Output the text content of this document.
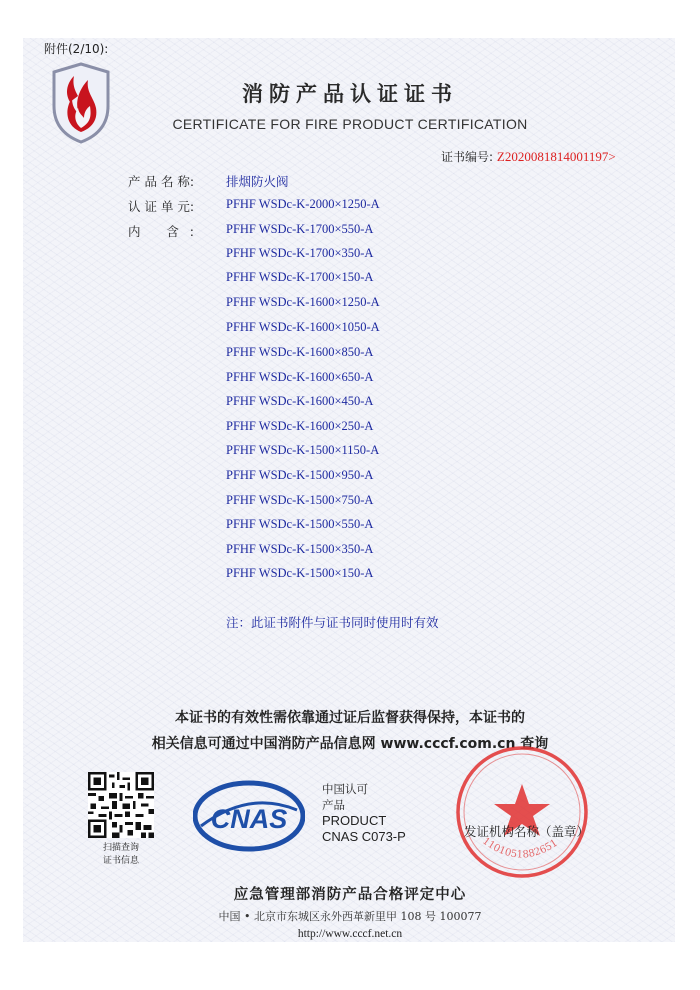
附件(2/10):
消防产品认证证书
CERTIFICATE FOR FIRE PRODUCT CERTIFICATION
证书编号: Z2020081814001197>
产 品 名 称:	排烟防火阀
认 证 单 元:	PFHF WSDc-K-2000×1250-A
内 含:	PFHF WSDc-K-1700×550-A
PFHF WSDc-K-1700×350-A
PFHF WSDc-K-1700×150-A
PFHF WSDc-K-1600×1250-A
PFHF WSDc-K-1600×1050-A
PFHF WSDc-K-1600×850-A
PFHF WSDc-K-1600×650-A
PFHF WSDc-K-1600×450-A
PFHF WSDc-K-1600×250-A
PFHF WSDc-K-1500×1150-A
PFHF WSDc-K-1500×950-A
PFHF WSDc-K-1500×750-A
PFHF WSDc-K-1500×550-A
PFHF WSDc-K-1500×350-A
PFHF WSDc-K-1500×150-A
注：此证书附件与证书同时使用时有效
本证书的有效性需依靠通过证后监督获得保持，本证书的
相关信息可通过中国消防产品信息网 www.cccf.com.cn 查询
扫描查询
证书信息
CNAS
中国认可
产品
PRODUCT
CNAS C073-P	1101051882651
发证机构名称（盖章）
应急管理部消防产品合格评定中心
中国 • 北京市东城区永外西革新里甲 108 号 100077
http://www.cccf.net.cn
